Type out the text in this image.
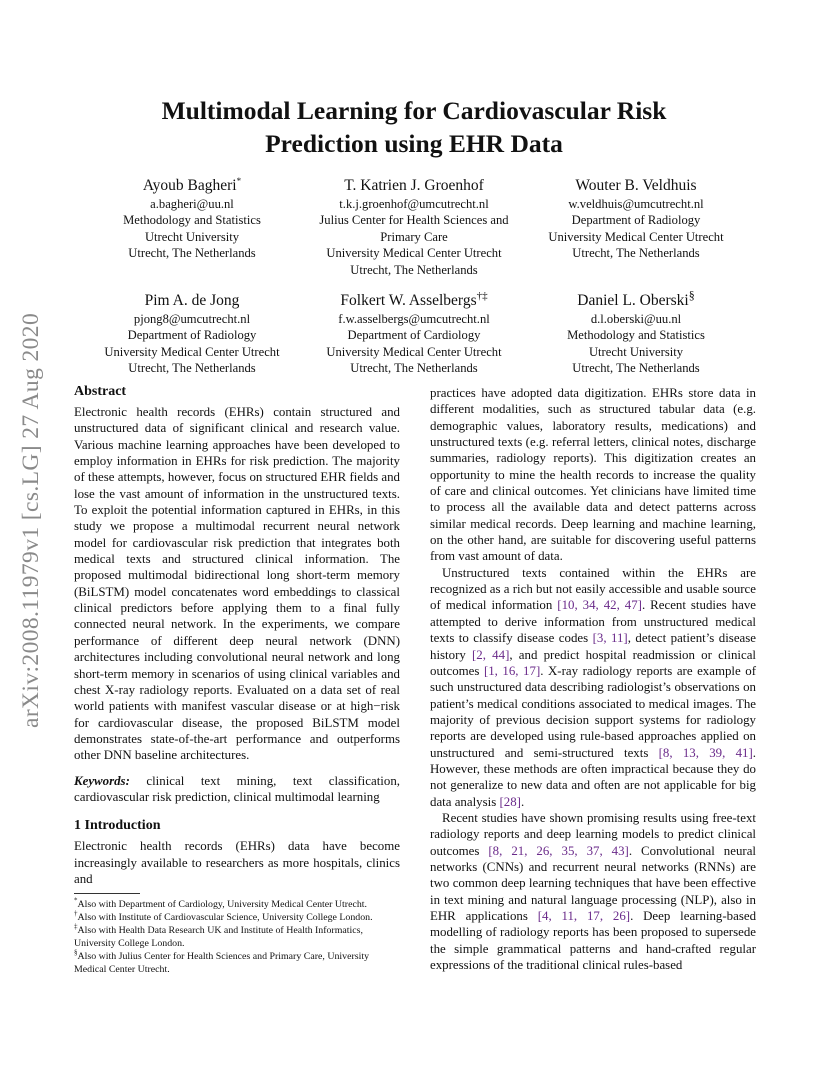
arXiv:2008.11979v1 [cs.LG] 27 Aug 2020
Multimodal Learning for Cardiovascular Risk
Prediction using EHR Data
Ayoub Bagheri*
a.bagheri@uu.nl
Methodology and Statistics
Utrecht University
Utrecht, The Netherlands
T. Katrien J. Groenhof
t.k.j.groenhof@umcutrecht.nl
Julius Center for Health Sciences and
Primary Care
University Medical Center Utrecht
Utrecht, The Netherlands
Wouter B. Veldhuis
w.veldhuis@umcutrecht.nl
Department of Radiology
University Medical Center Utrecht
Utrecht, The Netherlands
Pim A. de Jong
pjong8@umcutrecht.nl
Department of Radiology
University Medical Center Utrecht
Utrecht, The Netherlands
Folkert W. Asselbergs†‡
f.w.asselbergs@umcutrecht.nl
Department of Cardiology
University Medical Center Utrecht
Utrecht, The Netherlands
Daniel L. Oberski§
d.l.oberski@uu.nl
Methodology and Statistics
Utrecht University
Utrecht, The Netherlands
Abstract

Electronic health records (EHRs) contain structured and unstructured data of significant clinical and research value. Various machine learning approaches have been developed to employ information in EHRs for risk prediction. The majority of these attempts, however, focus on structured EHR fields and lose the vast amount of information in the unstructured texts. To exploit the potential information captured in EHRs, in this study we propose a multimodal recurrent neural network model for cardiovascular risk prediction that integrates both medical texts and structured clinical information. The proposed multimodal bidirectional long short-term memory (BiLSTM) model concatenates word embeddings to classical clinical predictors before applying them to a final fully connected neural network. In the experiments, we compare performance of different deep neural network (DNN) architectures including convolutional neural network and long short-term memory in scenarios of using clinical variables and chest X-ray radiology reports. Evaluated on a data set of real world patients with manifest vascular disease or at high−risk for cardiovascular disease, the proposed BiLSTM model demonstrates state-of-the-art performance and outperforms other DNN baseline architectures.

Keywords: clinical text mining, text classification, cardiovascular risk prediction, clinical multimodal learning

1 Introduction

Electronic health records (EHRs) data have become increasingly available to researchers as more hospitals, clinics and

*Also with Department of Cardiology, University Medical Center Utrecht.

†Also with Institute of Cardiovascular Science, University College London.

‡Also with Health Data Research UK and Institute of Health Informatics, University College London.

§Also with Julius Center for Health Sciences and Primary Care, University Medical Center Utrecht.

practices have adopted data digitization. EHRs store data in different modalities, such as structured tabular data (e.g. demographic values, laboratory results, medications) and unstructured texts (e.g. referral letters, clinical notes, discharge summaries, radiology reports). This digitization creates an opportunity to mine the health records to increase the quality of care and clinical outcomes. Yet clinicians have limited time to process all the available data and detect patterns across similar medical records. Deep learning and machine learning, on the other hand, are suitable for discovering useful patterns from vast amount of data.

Unstructured texts contained within the EHRs are recognized as a rich but not easily accessible and usable source of medical information [10, 34, 42, 47]. Recent studies have attempted to derive information from unstructured medical texts to classify disease codes [3, 11], detect patient’s disease history [2, 44], and predict hospital readmission or clinical outcomes [1, 16, 17]. X-ray radiology reports are example of such unstructured data describing radiologist’s observations on patient’s medical conditions associated to medical images. The majority of previous decision support systems for radiology reports are developed using rule-based approaches applied on unstructured and semi-structured texts [8, 13, 39, 41]. However, these methods are often impractical because they do not generalize to new data and often are not applicable for big data analysis [28].

Recent studies have shown promising results using free-text radiology reports and deep learning models to predict clinical outcomes [8, 21, 26, 35, 37, 43]. Convolutional neural networks (CNNs) and recurrent neural networks (RNNs) are two common deep learning techniques that have been effective in text mining and natural language processing (NLP), also in EHR applications [4, 11, 17, 26]. Deep learning-based modelling of radiology reports has been proposed to supersede the simple grammatical patterns and hand-crafted regular expressions of the traditional clinical rules-based
